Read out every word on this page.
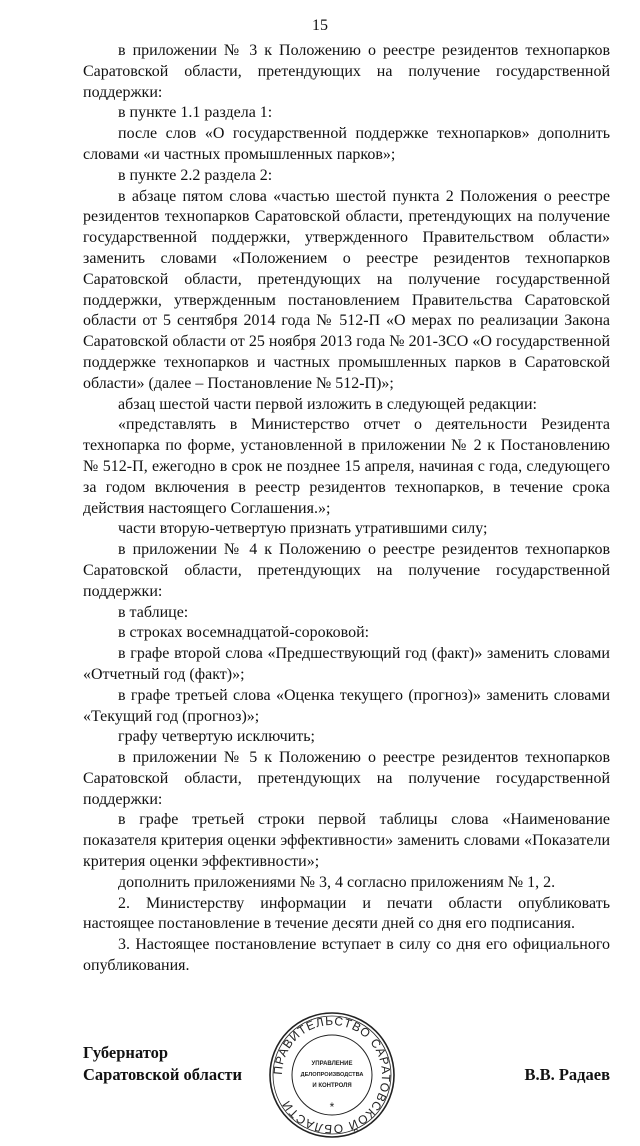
15

в приложении № 3 к Положению о реестре резидентов технопарков Саратовской области, претендующих на получение государственной поддержки:

в пункте 1.1 раздела 1:

после слов «О государственной поддержке технопарков» дополнить словами «и частных промышленных парков»;

в пункте 2.2 раздела 2:

в абзаце пятом слова «частью шестой пункта 2 Положения о реестре резидентов технопарков Саратовской области, претендующих на получение государственной поддержки, утвержденного Правительством области» заменить словами «Положением о реестре резидентов технопарков Саратовской области, претендующих на получение государственной поддержки, утвержденным постановлением Правительства Саратовской области от 5 сентября 2014 года № 512-П «О мерах по реализации Закона Саратовской области от 25 ноября 2013 года № 201-ЗСО «О государственной поддержке технопарков и частных промышленных парков в Саратовской области» (далее – Постановление № 512-П)»;

абзац шестой части первой изложить в следующей редакции:

«представлять в Министерство отчет о деятельности Резидента технопарка по форме, установленной в приложении № 2 к Постановлению № 512-П, ежегодно в срок не позднее 15 апреля, начиная с года, следующего за годом включения в реестр резидентов технопарков, в течение срока действия настоящего Соглашения.»;

части вторую-четвертую признать утратившими силу;

в приложении № 4 к Положению о реестре резидентов технопарков Саратовской области, претендующих на получение государственной поддержки:

в таблице:

в строках восемнадцатой-сороковой:

в графе второй слова «Предшествующий год (факт)» заменить словами «Отчетный год (факт)»;

в графе третьей слова «Оценка текущего (прогноз)» заменить словами «Текущий год (прогноз)»;

графу четвертую исключить;

в приложении № 5 к Положению о реестре резидентов технопарков Саратовской области, претендующих на получение государственной поддержки:

в графе третьей строки первой таблицы слова «Наименование показателя критерия оценки эффективности» заменить словами «Показатели критерия оценки эффективности»;

дополнить приложениями № 3, 4 согласно приложениям № 1, 2.

2. Министерству информации и печати области опубликовать настоящее постановление в течение десяти дней со дня его подписания.

3. Настоящее постановление вступает в силу со дня его официального опубликования.

Губернатор
Саратовской области	В.В. Радаев
ПРАВИТЕЛЬСТВО САРАТОВСКОЙ ОБЛАСТИ
УПРАВЛЕНИЕ
ДЕЛОПРОИЗВОДСТВА
И КОНТРОЛЯ
*
